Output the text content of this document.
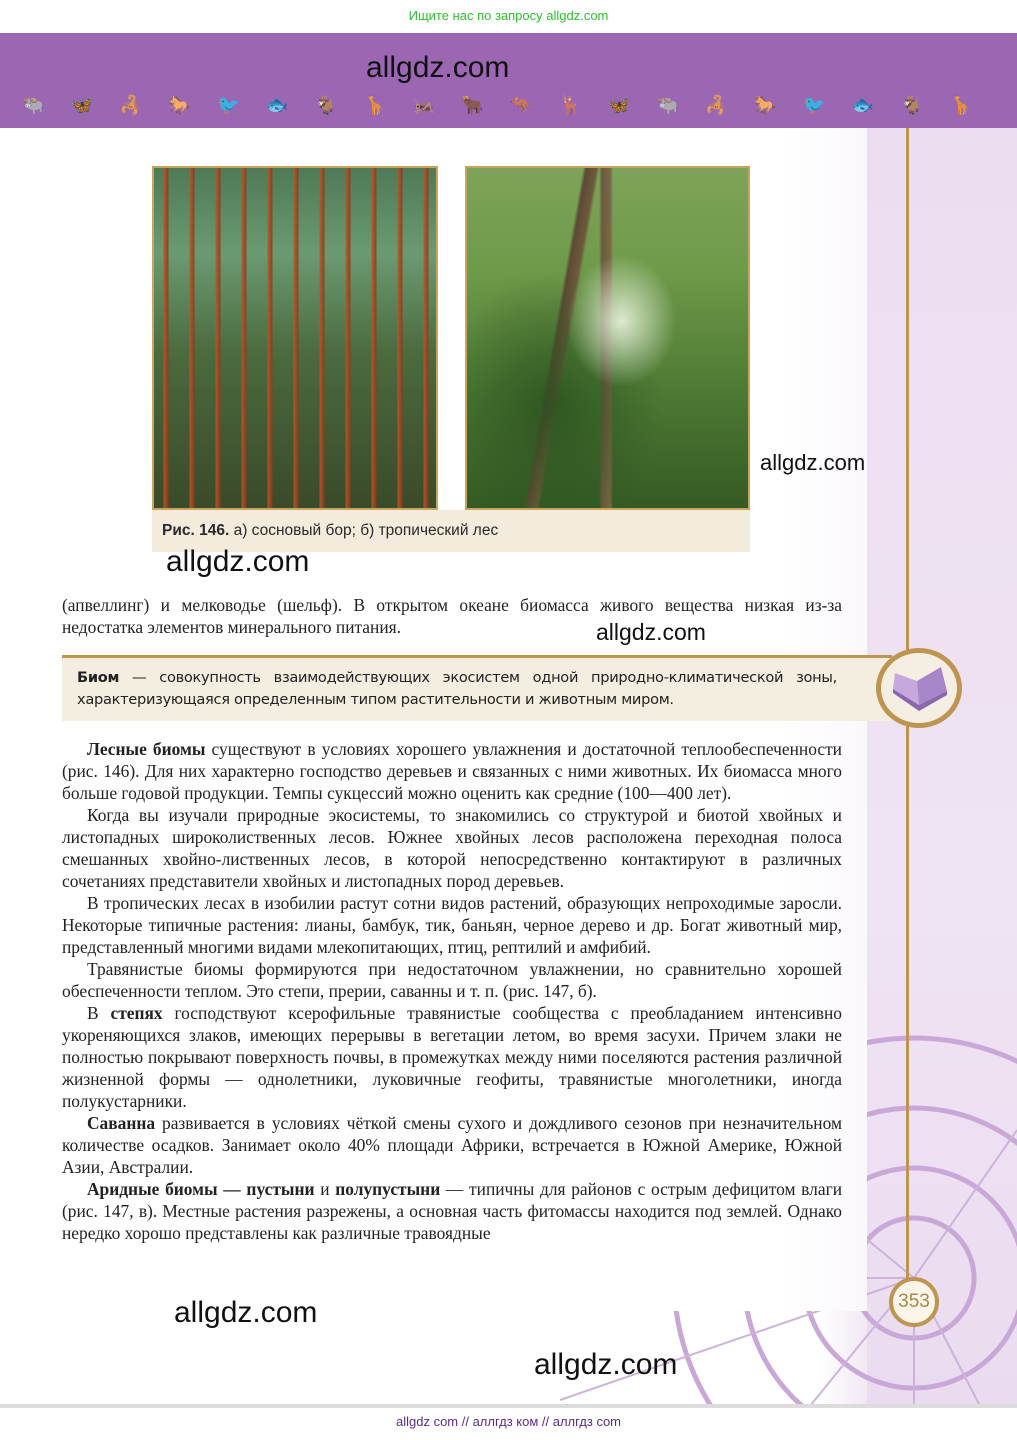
Ищите нас по запросу allgdz.com
allgdz.com
🐃 🦋 🦂 🐎 🐦 🐟 🐐 🦒 🦗 🐂 🦘 🦌 🦋 🐃 🦂 🐎 🐦 🐟 🐐 🦒
Рис. 146. а) сосновый бор; б) тропический лес
allgdz.com
allgdz.com

(апвеллинг) и мелководье (шельф). В открытом океане биомасса живого вещества низкая из-за недостатка элементов минерального питания.	allgdz.com
Биом — совокупность взаимодействующих экосистем одной природно-климатической зоны, характеризующаяся определенным типом растительности и животным миром.

Лесные биомы существуют в условиях хорошего увлажнения и достаточной теплообеспеченности (рис. 146). Для них характерно господство деревьев и связанных с ними животных. Их биомасса много больше годовой продукции. Темпы сукцессий можно оценить как средние (100—400 лет).

Когда вы изучали природные экосистемы, то знакомились со структурой и биотой хвойных и листопадных широколиственных лесов. Южнее хвойных лесов расположена переходная полоса смешанных хвойно-лиственных лесов, в которой непосредственно контактируют в различных сочетаниях представители хвойных и листопадных пород деревьев.

В тропических лесах в изобилии растут сотни видов растений, образующих непроходимые заросли. Некоторые типичные растения: лианы, бамбук, тик, баньян, черное дерево и др. Богат животный мир, представленный многими видами млекопитающих, птиц, рептилий и амфибий.

Травянистые биомы формируются при недостаточном увлажнении, но сравнительно хорошей обеспеченности теплом. Это степи, прерии, саванны и т. п. (рис. 147, б).

В степях господствуют ксерофильные травянистые сообщества с преобладанием интенсивно укореняющихся злаков, имеющих перерывы в вегетации летом, во время засухи. Причем злаки не полностью покрывают поверхность почвы, в промежутках между ними поселяются растения различной жизненной формы — однолетники, луковичные геофиты, травянистые многолетники, иногда полукустарники.

Саванна развивается в условиях чёткой смены сухого и дождливого сезонов при незначительном количестве осадков. Занимает около 40% площади Африки, встречается в Южной Америке, Южной Азии, Австралии.

Аридные биомы — пустыни и полупустыни — типичны для районов с острым дефицитом влаги (рис. 147, в). Местные растения разрежены, а основная часть фитомассы находится под землей. Однако нередко хорошо представлены как различные травоядные

allgdz.com
allgdz.com
353
allgdz com // аллгдз ком // аллгдз com
